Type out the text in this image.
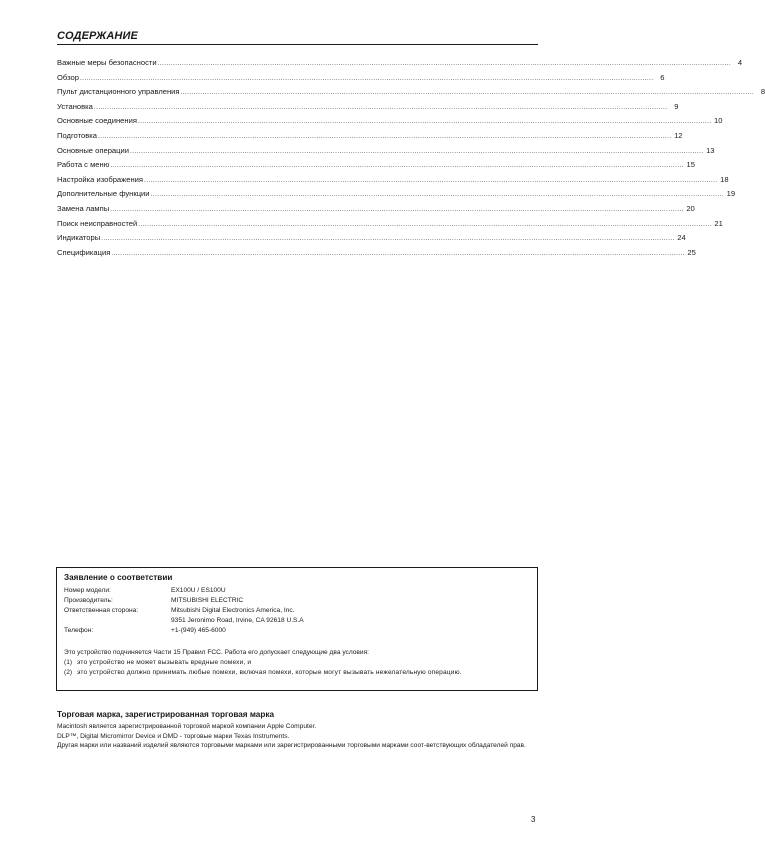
СОДЕРЖАНИЕ
Важные меры безопасности .................................................................................................................................................................................................................................................................... 4
Обзор .................................................................................................................................................................................................................................................................... 6
Пульт дистанционного управления .................................................................................................................................................................................................................................................................... 8
Установка .................................................................................................................................................................................................................................................................... 9
Основные соединения .................................................................................................................................................................................................................................................................... 10
Подготовка .................................................................................................................................................................................................................................................................... 12
Основные операции .................................................................................................................................................................................................................................................................... 13
Работа с меню .................................................................................................................................................................................................................................................................... 15
Настройка изображения .................................................................................................................................................................................................................................................................... 18
Дополнительные функции .................................................................................................................................................................................................................................................................... 19
Замена лампы .................................................................................................................................................................................................................................................................... 20
Поиск неисправностей .................................................................................................................................................................................................................................................................... 21
Индикаторы .................................................................................................................................................................................................................................................................... 24
Спецификация .................................................................................................................................................................................................................................................................... 25
Заявление о соответствии
Номер модели:	EX100U / ES100U
Производитель:	MITSUBISHI ELECTRIC
Ответственная сторона:	Mitsubishi Digital Electronics America, Inc.
9351 Jeronimo Road, Irvine, CA 92618 U.S.A
Телефон:	+1-(949) 465-6000
Это устройство подчиняется Части 15 Правил FCC. Работа его допускает следующие два условия:
(1) это устройство не может вызывать вредные помехи, и
(2) это устройство должно принимать любые помехи, включая помехи, которые могут вызывать нежелательную операцию.
Торговая марка, зарегистрированная торговая марка
Macintosh является зарегистрированной торговой маркой компании Apple Computer.
DLP™, Digital Micromirror Device и DMD - торговые марки Texas Instruments.
Другая марки или названий изделий являются торговыми марками или зарегистрированными торговыми марками соот-ветствующих обладателей прав.
3
